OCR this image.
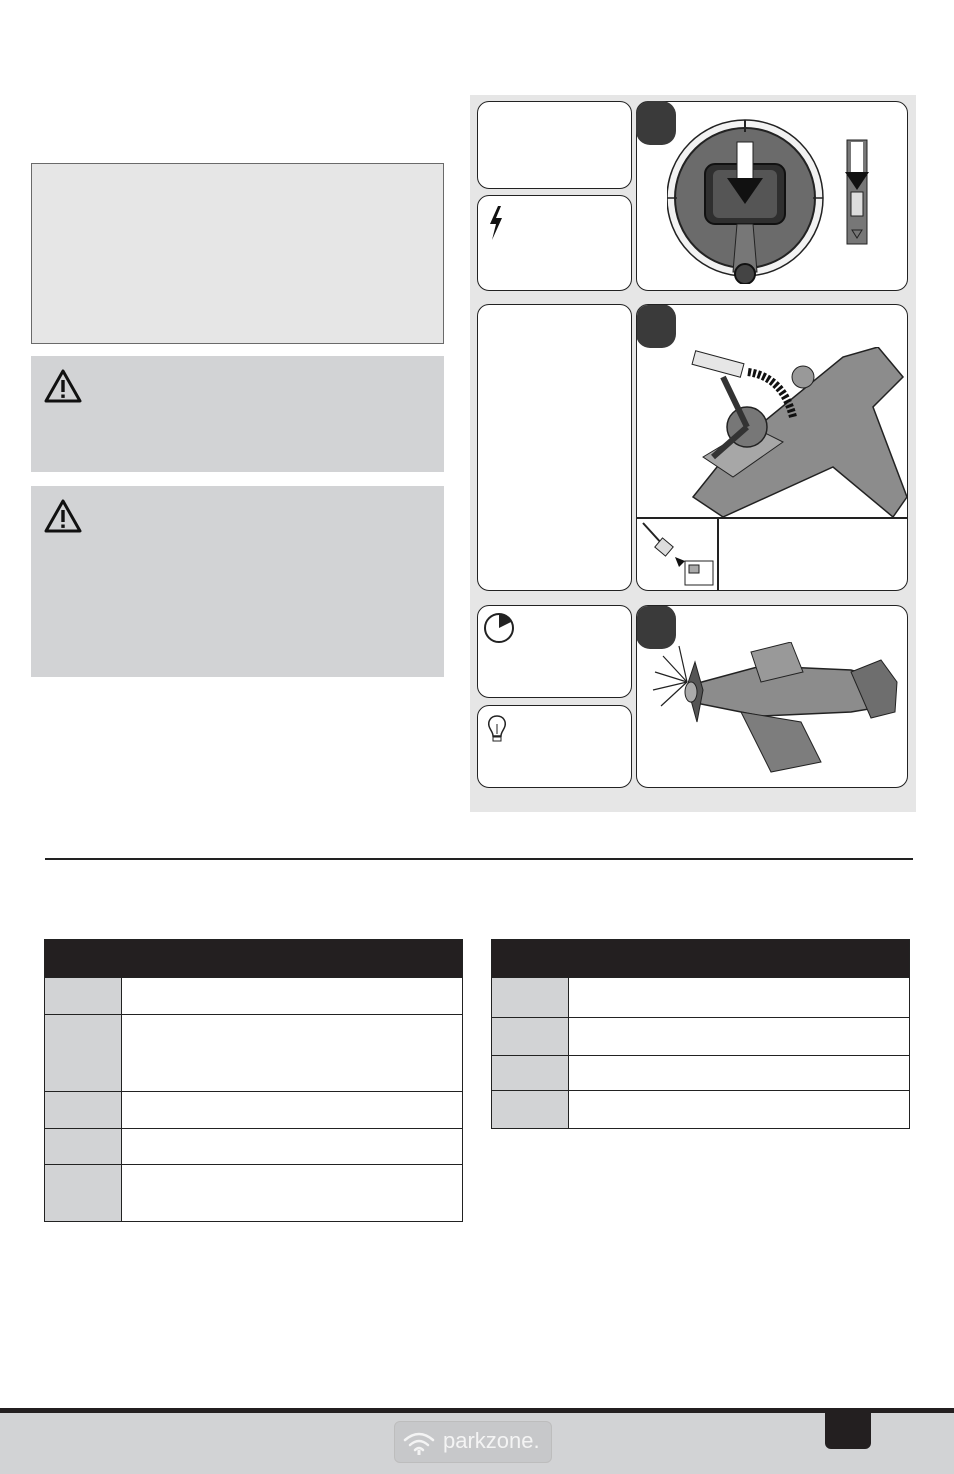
parkzone.
